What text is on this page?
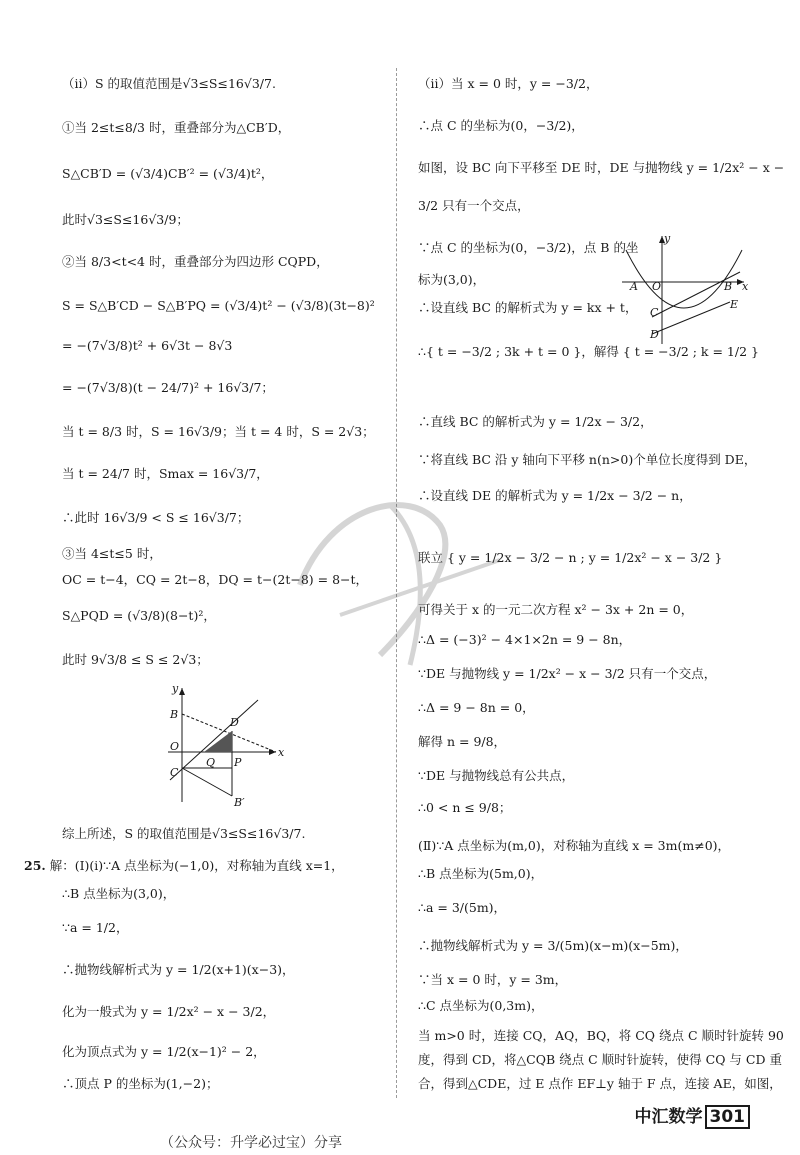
（ⅱ）S 的取值范围是√3≤S≤16√3/7.
①当 2≤t≤8/3 时，重叠部分为△CB′D，
S△CB′D = (√3/4)CB′² = (√3/4)t²，
此时√3≤S≤16√3/9；
②当 8/3<t<4 时，重叠部分为四边形 CQPD，
S = S△B′CD − S△B′PQ = (√3/4)t² − (√3/8)(3t−8)²
= −(7√3/8)t² + 6√3t − 8√3
= −(7√3/8)(t − 24/7)² + 16√3/7；
当 t = 8/3 时，S = 16√3/9；当 t = 4 时，S = 2√3；
当 t = 24/7 时，Smax = 16√3/7，
∴此时 16√3/9 < S ≤ 16√3/7；
③当 4≤t≤5 时，
OC = t−4，CQ = 2t−8，DQ = t−(2t−8) = 8−t，
S△PQD = (√3/8)(8−t)²，
此时 9√3/8 ≤ S ≤ 2√3；
y
B
D
O
Q P
x
C
B′
综上所述，S 的取值范围是√3≤S≤16√3/7.
25. 解：(Ⅰ)(ⅰ)∵A 点坐标为(−1,0)，对称轴为直线 x=1，
∴B 点坐标为(3,0)，
∵a = 1/2，
∴抛物线解析式为 y = 1/2(x+1)(x−3)，
化为一般式为 y = 1/2x² − x − 3/2，
化为顶点式为 y = 1/2(x−1)² − 2，
∴顶点 P 的坐标为(1,−2)；
（ⅱ）当 x = 0 时，y = −3/2，
∴点 C 的坐标为(0，−3/2)，
如图，设 BC 向下平移至 DE 时，DE 与抛物线 y = 1/2x² − x −
3/2 只有一个交点，
∵点 C 的坐标为(0，−3/2)，点 B 的坐
标为(3,0)，
∴设直线 BC 的解析式为 y = kx + t，
∴{ t = −3/2 ; 3k + t = 0 }，解得 { t = −3/2 ; k = 1/2 }
∴直线 BC 的解析式为 y = 1/2x − 3/2，
∵将直线 BC 沿 y 轴向下平移 n(n>0)个单位长度得到 DE，
∴设直线 DE 的解析式为 y = 1/2x − 3/2 − n，
联立 { y = 1/2x − 3/2 − n ; y = 1/2x² − x − 3/2 }
可得关于 x 的一元二次方程 x² − 3x + 2n = 0，
∴Δ = (−3)² − 4×1×2n = 9 − 8n，
∵DE 与抛物线 y = 1/2x² − x − 3/2 只有一个交点，
∴Δ = 9 − 8n = 0，
解得 n = 9/8，
∵DE 与抛物线总有公共点，
∴0 < n ≤ 9/8；
(Ⅱ)∵A 点坐标为(m,0)，对称轴为直线 x = 3m(m≠0)，
∴B 点坐标为(5m,0)，
∴a = 3/(5m)，
∴抛物线解析式为 y = 3/(5m)(x−m)(x−5m)，
∵当 x = 0 时，y = 3m，
∴C 点坐标为(0,3m)，
当 m>0 时，连接 CQ，AQ，BQ，将 CQ 绕点 C 顺时针旋转 90
度，得到 CD，将△CQB 绕点 C 顺时针旋转，使得 CQ 与 CD 重
合，得到△CDE，过 E 点作 EF⊥y 轴于 F 点，连接 AE，如图，
y
A O	B x
C
E
D
中汇数学 301
（公众号：升学必过宝）分享
